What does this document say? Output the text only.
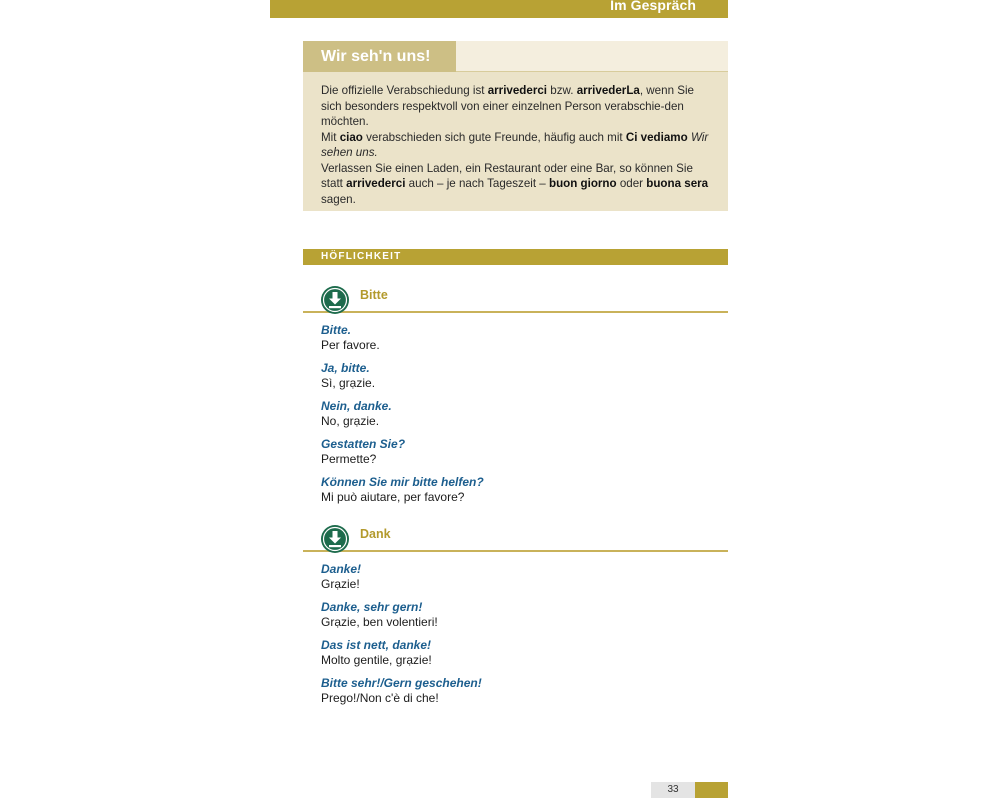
Im Gespräch
Wir seh'n uns!

Die offizielle Verabschiedung ist arrivederci bzw. arrivederLa, wenn Sie sich besonders respektvoll von einer einzelnen Person verabschie-den möchten.

Mit ciao verabschieden sich gute Freunde, häufig auch mit Ci vediamo Wir sehen uns.

Verlassen Sie einen Laden, ein Restaurant oder eine Bar, so können Sie statt arrivederci auch – je nach Tageszeit – buon giorno oder buona sera sagen.

HÖFLICHKEIT
Bitte
Bitte.
Per favore.
Ja, bitte.
Sì, grạzie.
Nein, danke.
No, grạzie.
Gestatten Sie?
Permette?
Können Sie mir bitte helfen?
Mi può aiutare, per favore?
Dank
Danke!
Grạzie!
Danke, sehr gern!
Grạzie, ben volentieri!
Das ist nett, danke!
Molto gentile, grạzie!
Bitte sehr!/Gern geschehen!
Prego!/Non c'è di che!
33
